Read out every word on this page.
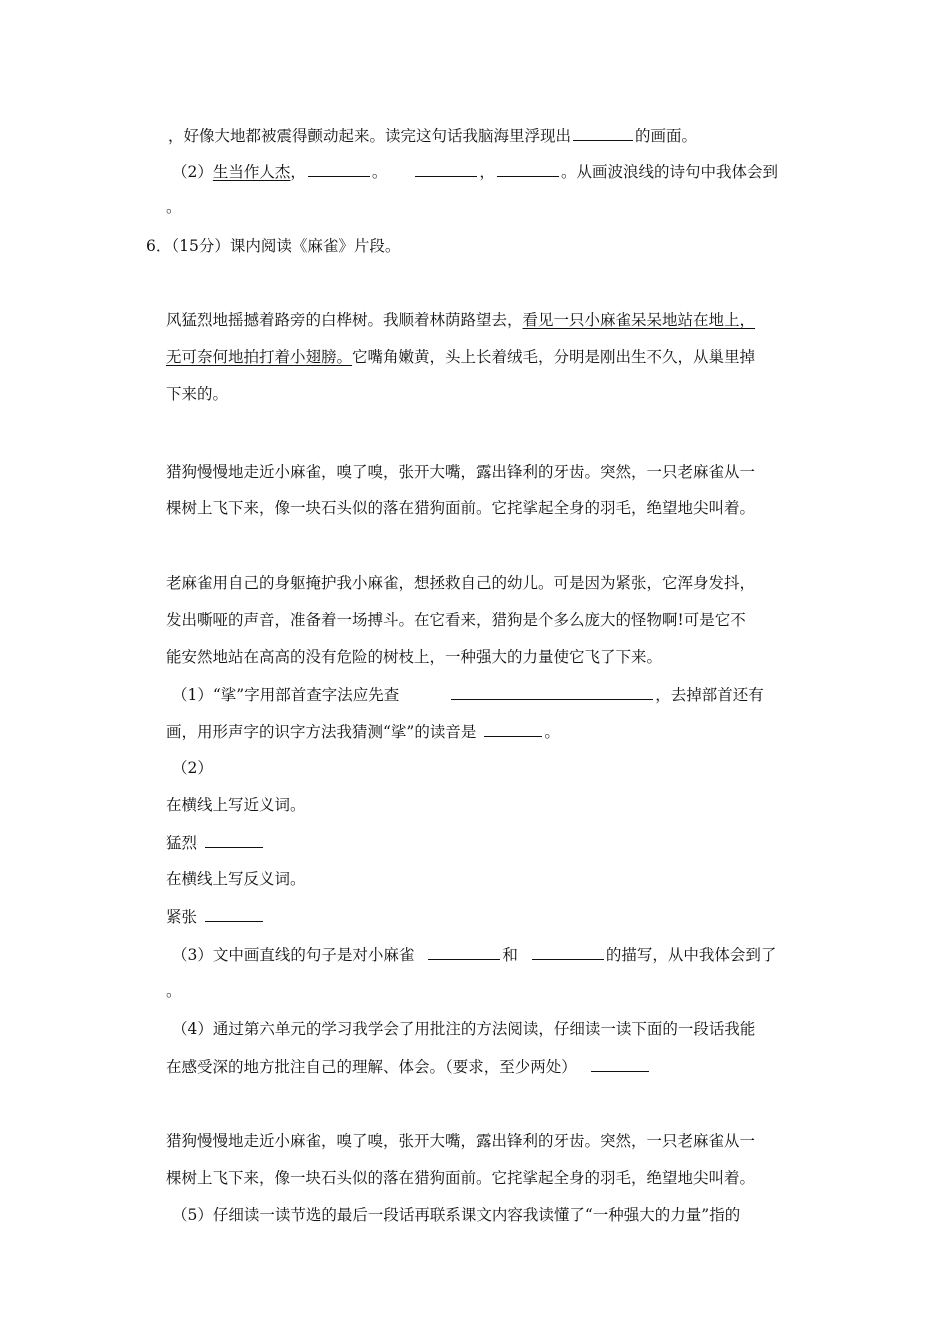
，好像大地都被震得颤动起来。读完这句话我脑海里浮现出	的画面。
（2）生当作人杰，	。	，	。从画波浪线的诗句中我体会到
。
6．（15分）课内阅读《麻雀》片段。
风猛烈地摇撼着路旁的白桦树。我顺着林荫路望去，看见一只小麻雀呆呆地站在地上，
无可奈何地拍打着小翅膀。它嘴角嫩黄，头上长着绒毛，分明是刚出生不久，从巢里掉
下来的。
猎狗慢慢地走近小麻雀，嗅了嗅，张开大嘴，露出锋利的牙齿。突然，一只老麻雀从一
棵树上飞下来，像一块石头似的落在猎狗面前。它挓挲起全身的羽毛，绝望地尖叫着。
老麻雀用自己的身躯掩护我小麻雀，想拯救自己的幼儿。可是因为紧张，它浑身发抖，
发出嘶哑的声音，准备着一场搏斗。在它看来，猎狗是个多么庞大的怪物啊!可是它不
能安然地站在高高的没有危险的树枝上，一种强大的力量使它飞了下来。
（1）“挲”字用部首查字法应先查	，去掉部首还有
画，用形声字的识字方法我猜测“挲”的读音是	。
（2）
在横线上写近义词。
猛烈
在横线上写反义词。
紧张
（3）文中画直线的句子是对小麻雀	和	的描写，从中我体会到了
。
（4）通过第六单元的学习我学会了用批注的方法阅读，仔细读一读下面的一段话我能
在感受深的地方批注自己的理解、体会。（要求，至少两处）
猎狗慢慢地走近小麻雀，嗅了嗅，张开大嘴，露出锋利的牙齿。突然，一只老麻雀从一
棵树上飞下来，像一块石头似的落在猎狗面前。它挓挲起全身的羽毛，绝望地尖叫着。
（5）仔细读一读节选的最后一段话再联系课文内容我读懂了“一种强大的力量”指的
